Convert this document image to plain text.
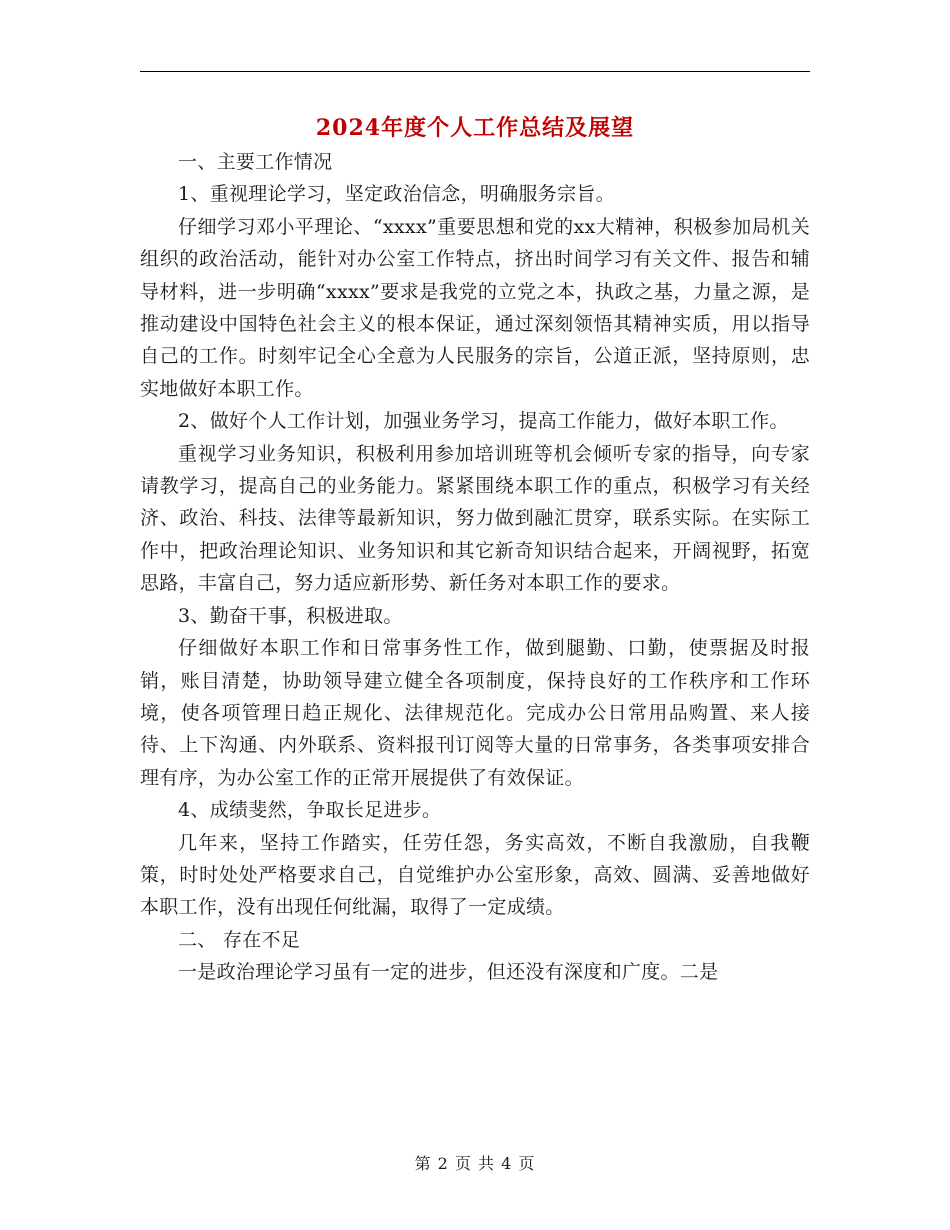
2024年度个人工作总结及展望

一、主要工作情况

1、重视理论学习，坚定政治信念，明确服务宗旨。

仔细学习邓小平理论、“xxxx”重要思想和党的xx大精神，积极参加局机关组织的政治活动，能针对办公室工作特点，挤出时间学习有关文件、报告和辅导材料，进一步明确“xxxx”要求是我党的立党之本，执政之基，力量之源，是推动建设中国特色社会主义的根本保证，通过深刻领悟其精神实质，用以指导自己的工作。时刻牢记全心全意为人民服务的宗旨，公道正派，坚持原则，忠实地做好本职工作。

2、做好个人工作计划，加强业务学习，提高工作能力，做好本职工作。

重视学习业务知识，积极利用参加培训班等机会倾听专家的指导，向专家请教学习，提高自己的业务能力。紧紧围绕本职工作的重点，积极学习有关经济、政治、科技、法律等最新知识，努力做到融汇贯穿，联系实际。在实际工作中，把政治理论知识、业务知识和其它新奇知识结合起来，开阔视野，拓宽思路，丰富自己，努力适应新形势、新任务对本职工作的要求。

3、勤奋干事，积极进取。

仔细做好本职工作和日常事务性工作，做到腿勤、口勤，使票据及时报销，账目清楚，协助领导建立健全各项制度，保持良好的工作秩序和工作环境，使各项管理日趋正规化、法律规范化。完成办公日常用品购置、来人接待、上下沟通、内外联系、资料报刊订阅等大量的日常事务，各类事项安排合理有序，为办公室工作的正常开展提供了有效保证。

4、成绩斐然，争取长足进步。

几年来，坚持工作踏实，任劳任怨，务实高效，不断自我激励，自我鞭策，时时处处严格要求自己，自觉维护办公室形象，高效、圆满、妥善地做好本职工作，没有出现任何纰漏，取得了一定成绩。

二、 存在不足

一是政治理论学习虽有一定的进步，但还没有深度和广度。二是

第 2 页 共 4 页
